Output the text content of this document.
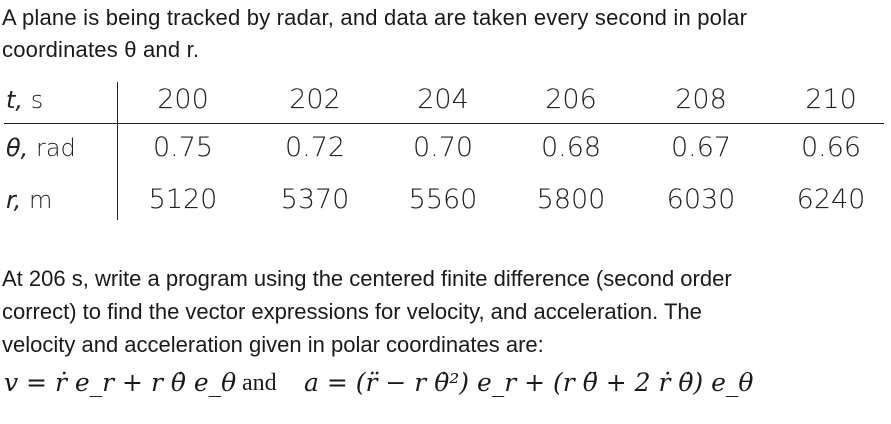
A plane is being tracked by radar, and data are taken every second in polar
coordinates θ and r.
t, s	200	202	204	206	208	210
θ, rad	0.75	0.72	0.70	0.68	0.67	0.66
r, m	5120	5370	5560	5800	6030	6240
At 206 s, write a program using the centered finite difference (second order
correct) to find the vector expressions for velocity, and acceleration. The
velocity and acceleration given in polar coordinates are:
v = ṙ e_r + r θ̇ e_θ and a = (r̈ − r θ̇²) e_r + (r θ̈ + 2 ṙ θ̇) e_θ
